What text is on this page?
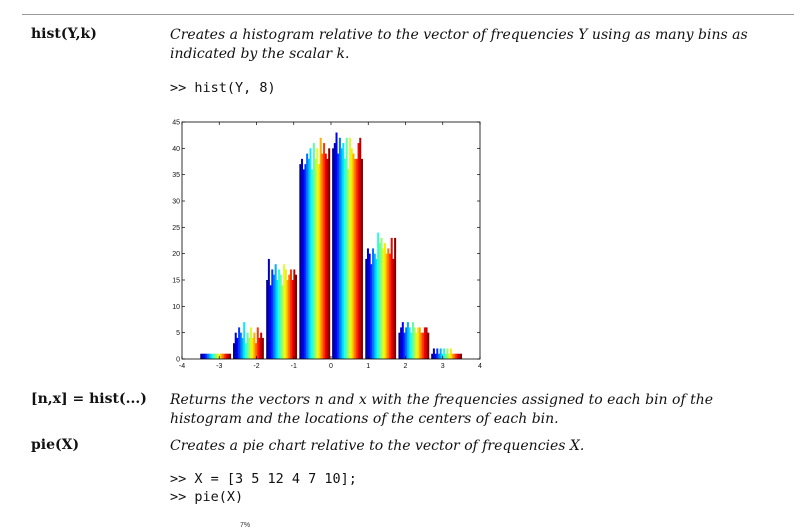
hist(Y,k)	Creates a histogram relative to the vector of frequencies Y using as many bins as indicated by the scalar k.
>> hist(Y, 8)
0
5
10
15
20
25
30
35
40
45
-4	-3	-2	-1	0	1	2	3	4
[n,x] = hist(...) Returns the vectors n and x with the frequencies assigned to each bin of the histogram and the locations of the centers of each bin.
pie(X)	Creates a pie chart relative to the vector of frequencies X.
>> X = [3 5 12 4 7 10];
>> pie(X)
7%
